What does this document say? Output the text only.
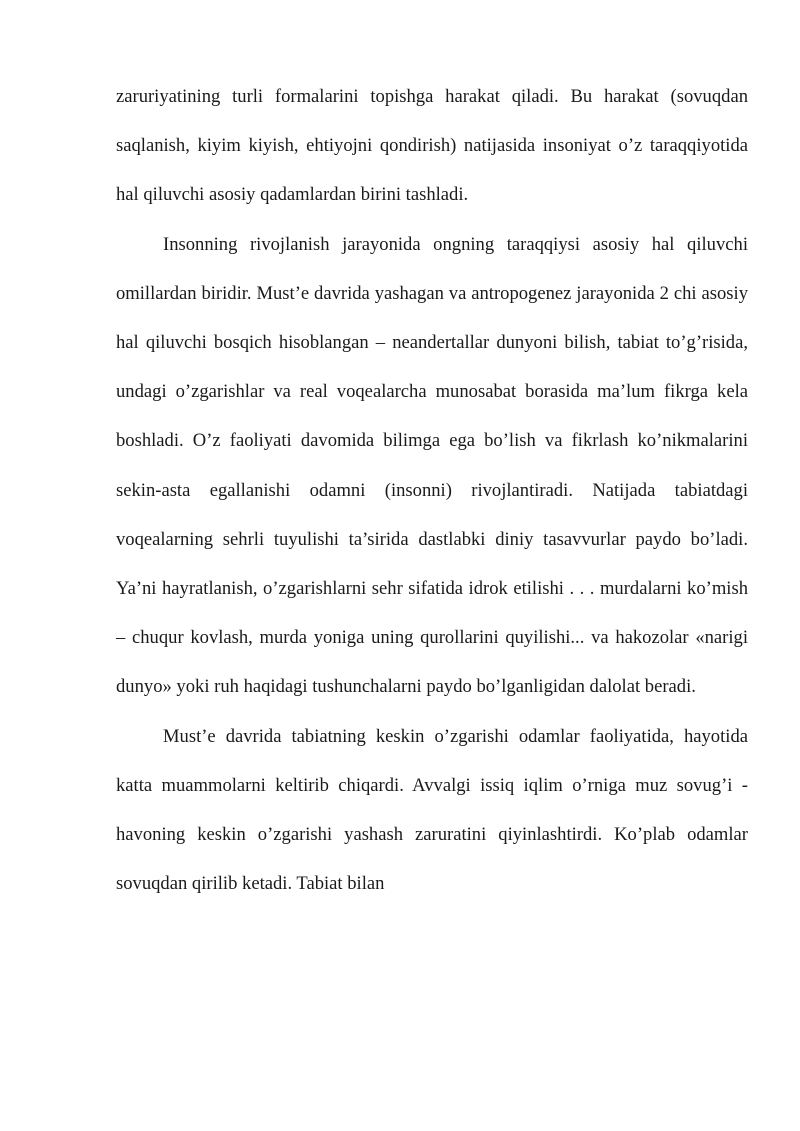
zaruriyatining turli formalarini topishga harakat qiladi. Bu harakat (sovuqdan saqlanish, kiyim kiyish, ehtiyojni qondirish) natijasida insoniyat o’z taraqqiyotida hal qiluvchi asosiy qadamlardan birini tashladi.

Insonning rivojlanish jarayonida ongning taraqqiysi asosiy hal qiluvchi omillardan biridir. Must’e davrida yashagan va antropogenez jarayonida 2 chi asosiy hal qiluvchi bosqich hisoblangan – neandertallar dunyoni bilish, tabiat to’g’risida, undagi o’zgarishlar va real voqealarcha munosabat borasida ma’lum fikrga kela boshladi. O’z faoliyati davomida bilimga ega bo’lish va fikrlash ko’nikmalarini sekin-asta egallanishi odamni (insonni) rivojlantiradi. Natijada tabiatdagi voqealarning sehrli tuyulishi ta’sirida dastlabki diniy tasavvurlar paydo bo’ladi. Ya’ni hayratlanish, o’zgarishlarni sehr sifatida idrok etilishi . . . murdalarni ko’mish – chuqur kovlash, murda yoniga uning qurollarini quyilishi... va hakozolar «narigi dunyo» yoki ruh haqidagi tushunchalarni paydo bo’lganligidan dalolat beradi.

Must’e davrida tabiatning keskin o’zgarishi odamlar faoliyatida, hayotida katta muammolarni keltirib chiqardi. Avvalgi issiq iqlim o’rniga muz sovug’i - havoning keskin o’zgarishi yashash zaruratini qiyinlashtirdi. Ko’plab odamlar sovuqdan qirilib ketadi. Tabiat bilan
